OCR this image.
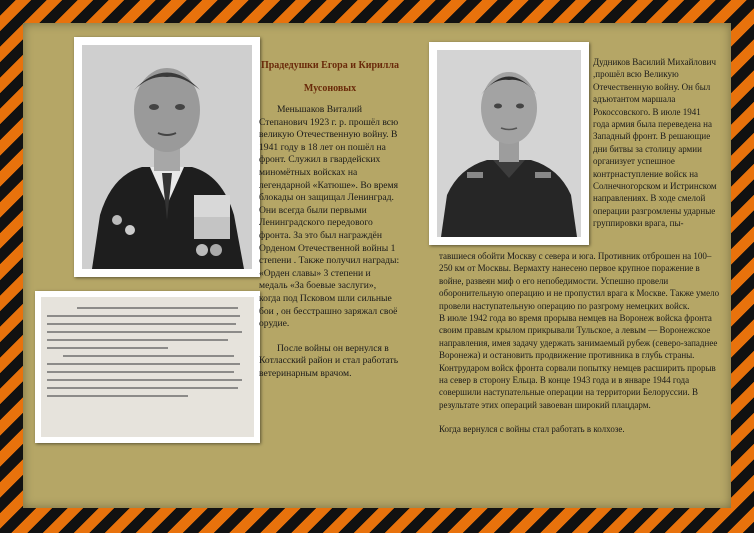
Прадедушки Егора и Кирилла
Мусоновых

Меньшаков Виталий Степанович 1923 г. р. прошёл всю великую Отечественную войну. В 1941 году в 18 лет он пошёл на фронт. Служил в гвардейских миномётных войсках на легендарной «Катюше». Во время блокады он защищал Ленинград. Они всегда были первыми Ленинградского передового фронта. За это был награждён Орденом Отечественной войны 1 степени . Также получил награды: «Орден славы» 3 степени и медаль «За боевые заслуги», когда под Псковом шли сильные бои , он бесстрашно заряжал своё орудие.

После войны он вернулся в Котласский район и стал работать ветеринарным врачом.

Дудников Василий Михайлович ,прошёл всю Великую Отечественную войну. Он был адъютантом маршала Рокоссовского. В июле 1941 года армия была переведена на Западный фронт. В решающие дни битвы за столицу армии организует успешное контрнаступление войск на Солнечногорском и Истринском направлениях. В ходе смелой операции разгромлены ударные группировки врага, пы-

тавшиеся обойти Москву с севера и юга. Противник отброшен на 100–250 км от Москвы. Вермахту нанесено первое крупное поражение в войне, развеян миф о его непобедимости. Успешно провели оборонительную операцию и не пропустил врага к Москве. Также умело провели наступательную операцию по разгрому немецких войск.

В июле 1942 года во время прорыва немцев на Воронеж войска фронта своим правым крылом прикрывали Тульское, а левым — Воронежское направления, имея задачу удержать занимаемый рубеж (северо-западнее Воронежа) и остановить продвижение противника в глубь страны. Контрударом войск фронта сорвали попытку немцев расширить прорыв на север в сторону Ельца. В конце 1943 года и в январе 1944 года совершили наступательные операции на территории Белоруссии. В результате этих операций завоеван широкий плацдарм.

Когда вернулся с войны стал работать в колхозе.
